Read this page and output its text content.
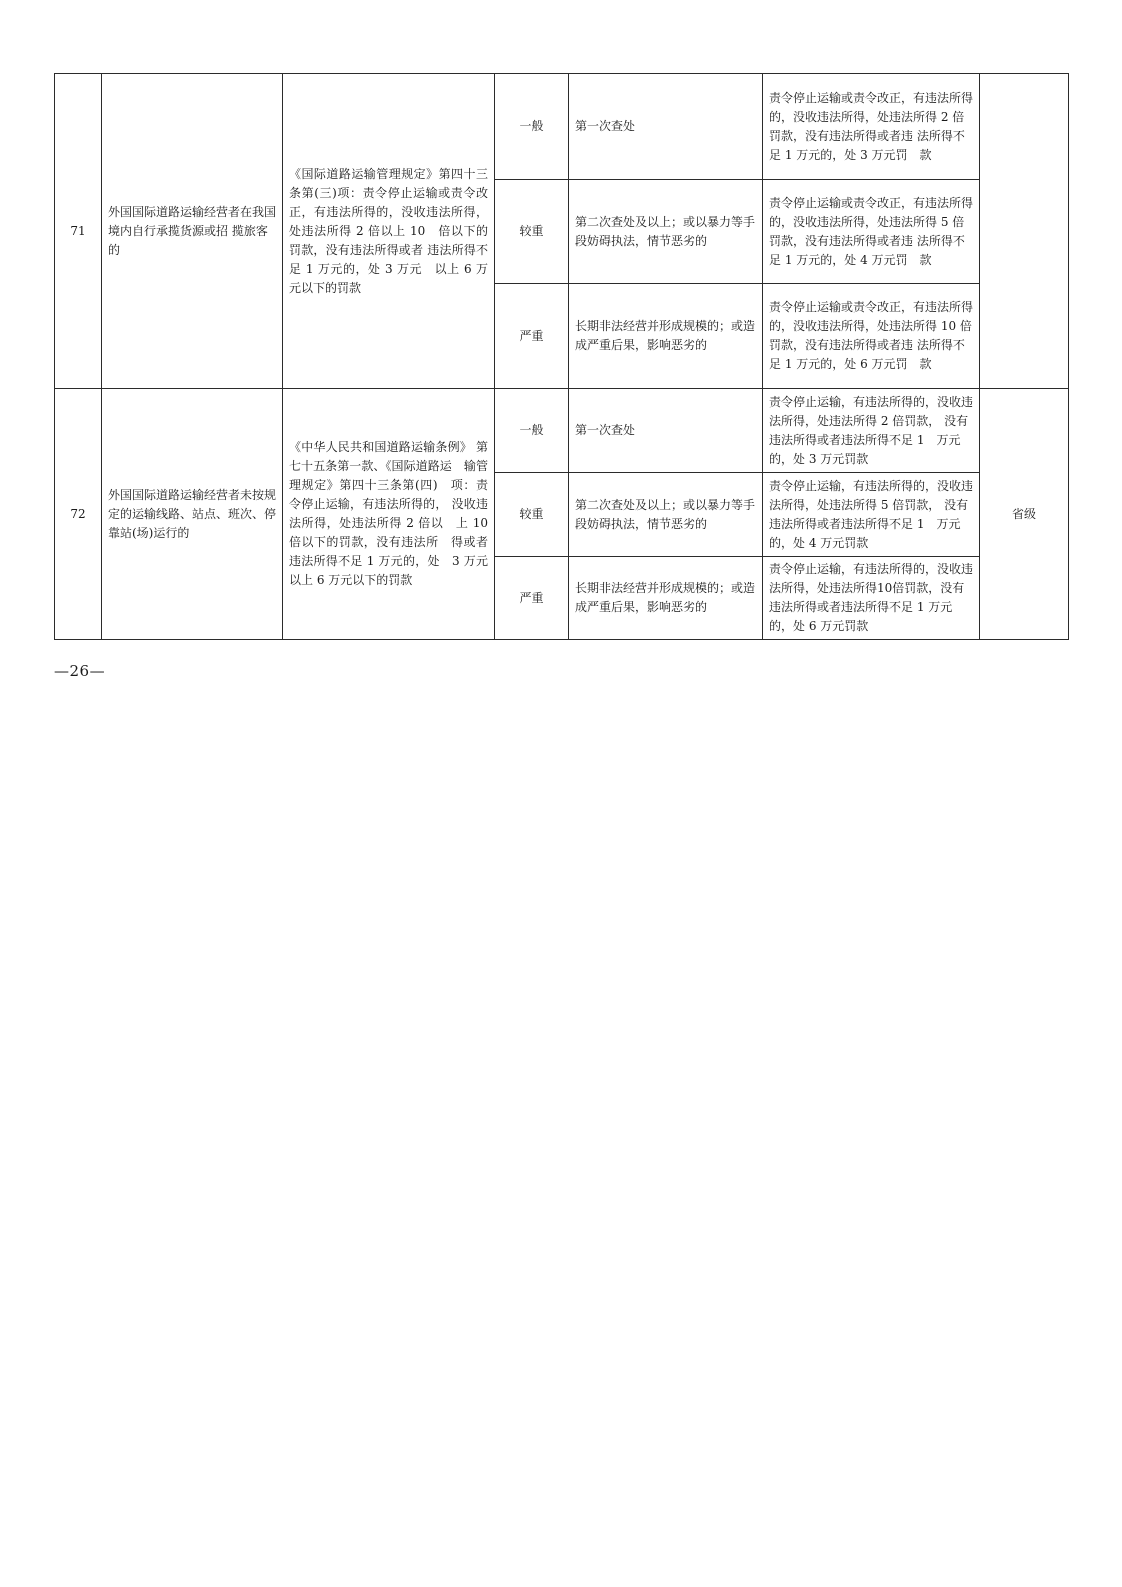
71	外国国际道路运输经营者在我国境内自行承揽货源或招 揽旅客的	《国际道路运输管理规定》第四十三条第(三)项：责令停止运输或责令改正，有违法所得的，没收违法所得，处违法所得 2 倍以上 10　倍以下的罚款，没有违法所得或者 违法所得不足 1 万元的，处 3 万元　以上 6 万元以下的罚款	一般	第一次查处	责令停止运输或责令改正，有违法所得的，没收违法所得，处违法所得 2 倍罚款，没有违法所得或者违 法所得不足 1 万元的，处 3 万元罚　款	
			较重	第二次查处及以上；或以暴力等手段妨碍执法，情节恶劣的	责令停止运输或责令改正，有违法所得的，没收违法所得，处违法所得 5 倍罚款，没有违法所得或者违 法所得不足 1 万元的，处 4 万元罚　款	
			严重	长期非法经营并形成规模的；或造成严重后果，影响恶劣的	责令停止运输或责令改正，有违法所得的，没收违法所得，处违法所得 10 倍罚款，没有违法所得或者违 法所得不足 1 万元的，处 6 万元罚　款	
72	外国国际道路运输经营者未按规定的运输线路、站点、班次、停靠站(场)运行的	《中华人民共和国道路运输条例》 第七十五条第一款、《国际道路运　输管理规定》第四十三条第(四)　项：责令停止运输，有违法所得的， 没收违法所得，处违法所得 2 倍以　上 10 倍以下的罚款，没有违法所　得或者违法所得不足 1 万元的，处　3 万元以上 6 万元以下的罚款	一般	第一次查处	责令停止运输，有违法所得的，没收违法所得，处违法所得 2 倍罚款， 没有违法所得或者违法所得不足 1　万元的，处 3 万元罚款	省级
			较重	第二次查处及以上；或以暴力等手段妨碍执法，情节恶劣的	责令停止运输，有违法所得的，没收违法所得，处违法所得 5 倍罚款， 没有违法所得或者违法所得不足 1　万元的，处 4 万元罚款	
			严重	长期非法经营并形成规模的；或造成严重后果，影响恶劣的	责令停止运输，有违法所得的，没收违法所得，处违法所得10倍罚款，没有违法所得或者违法所得不足 1 万元的，处 6 万元罚款	
—26—
